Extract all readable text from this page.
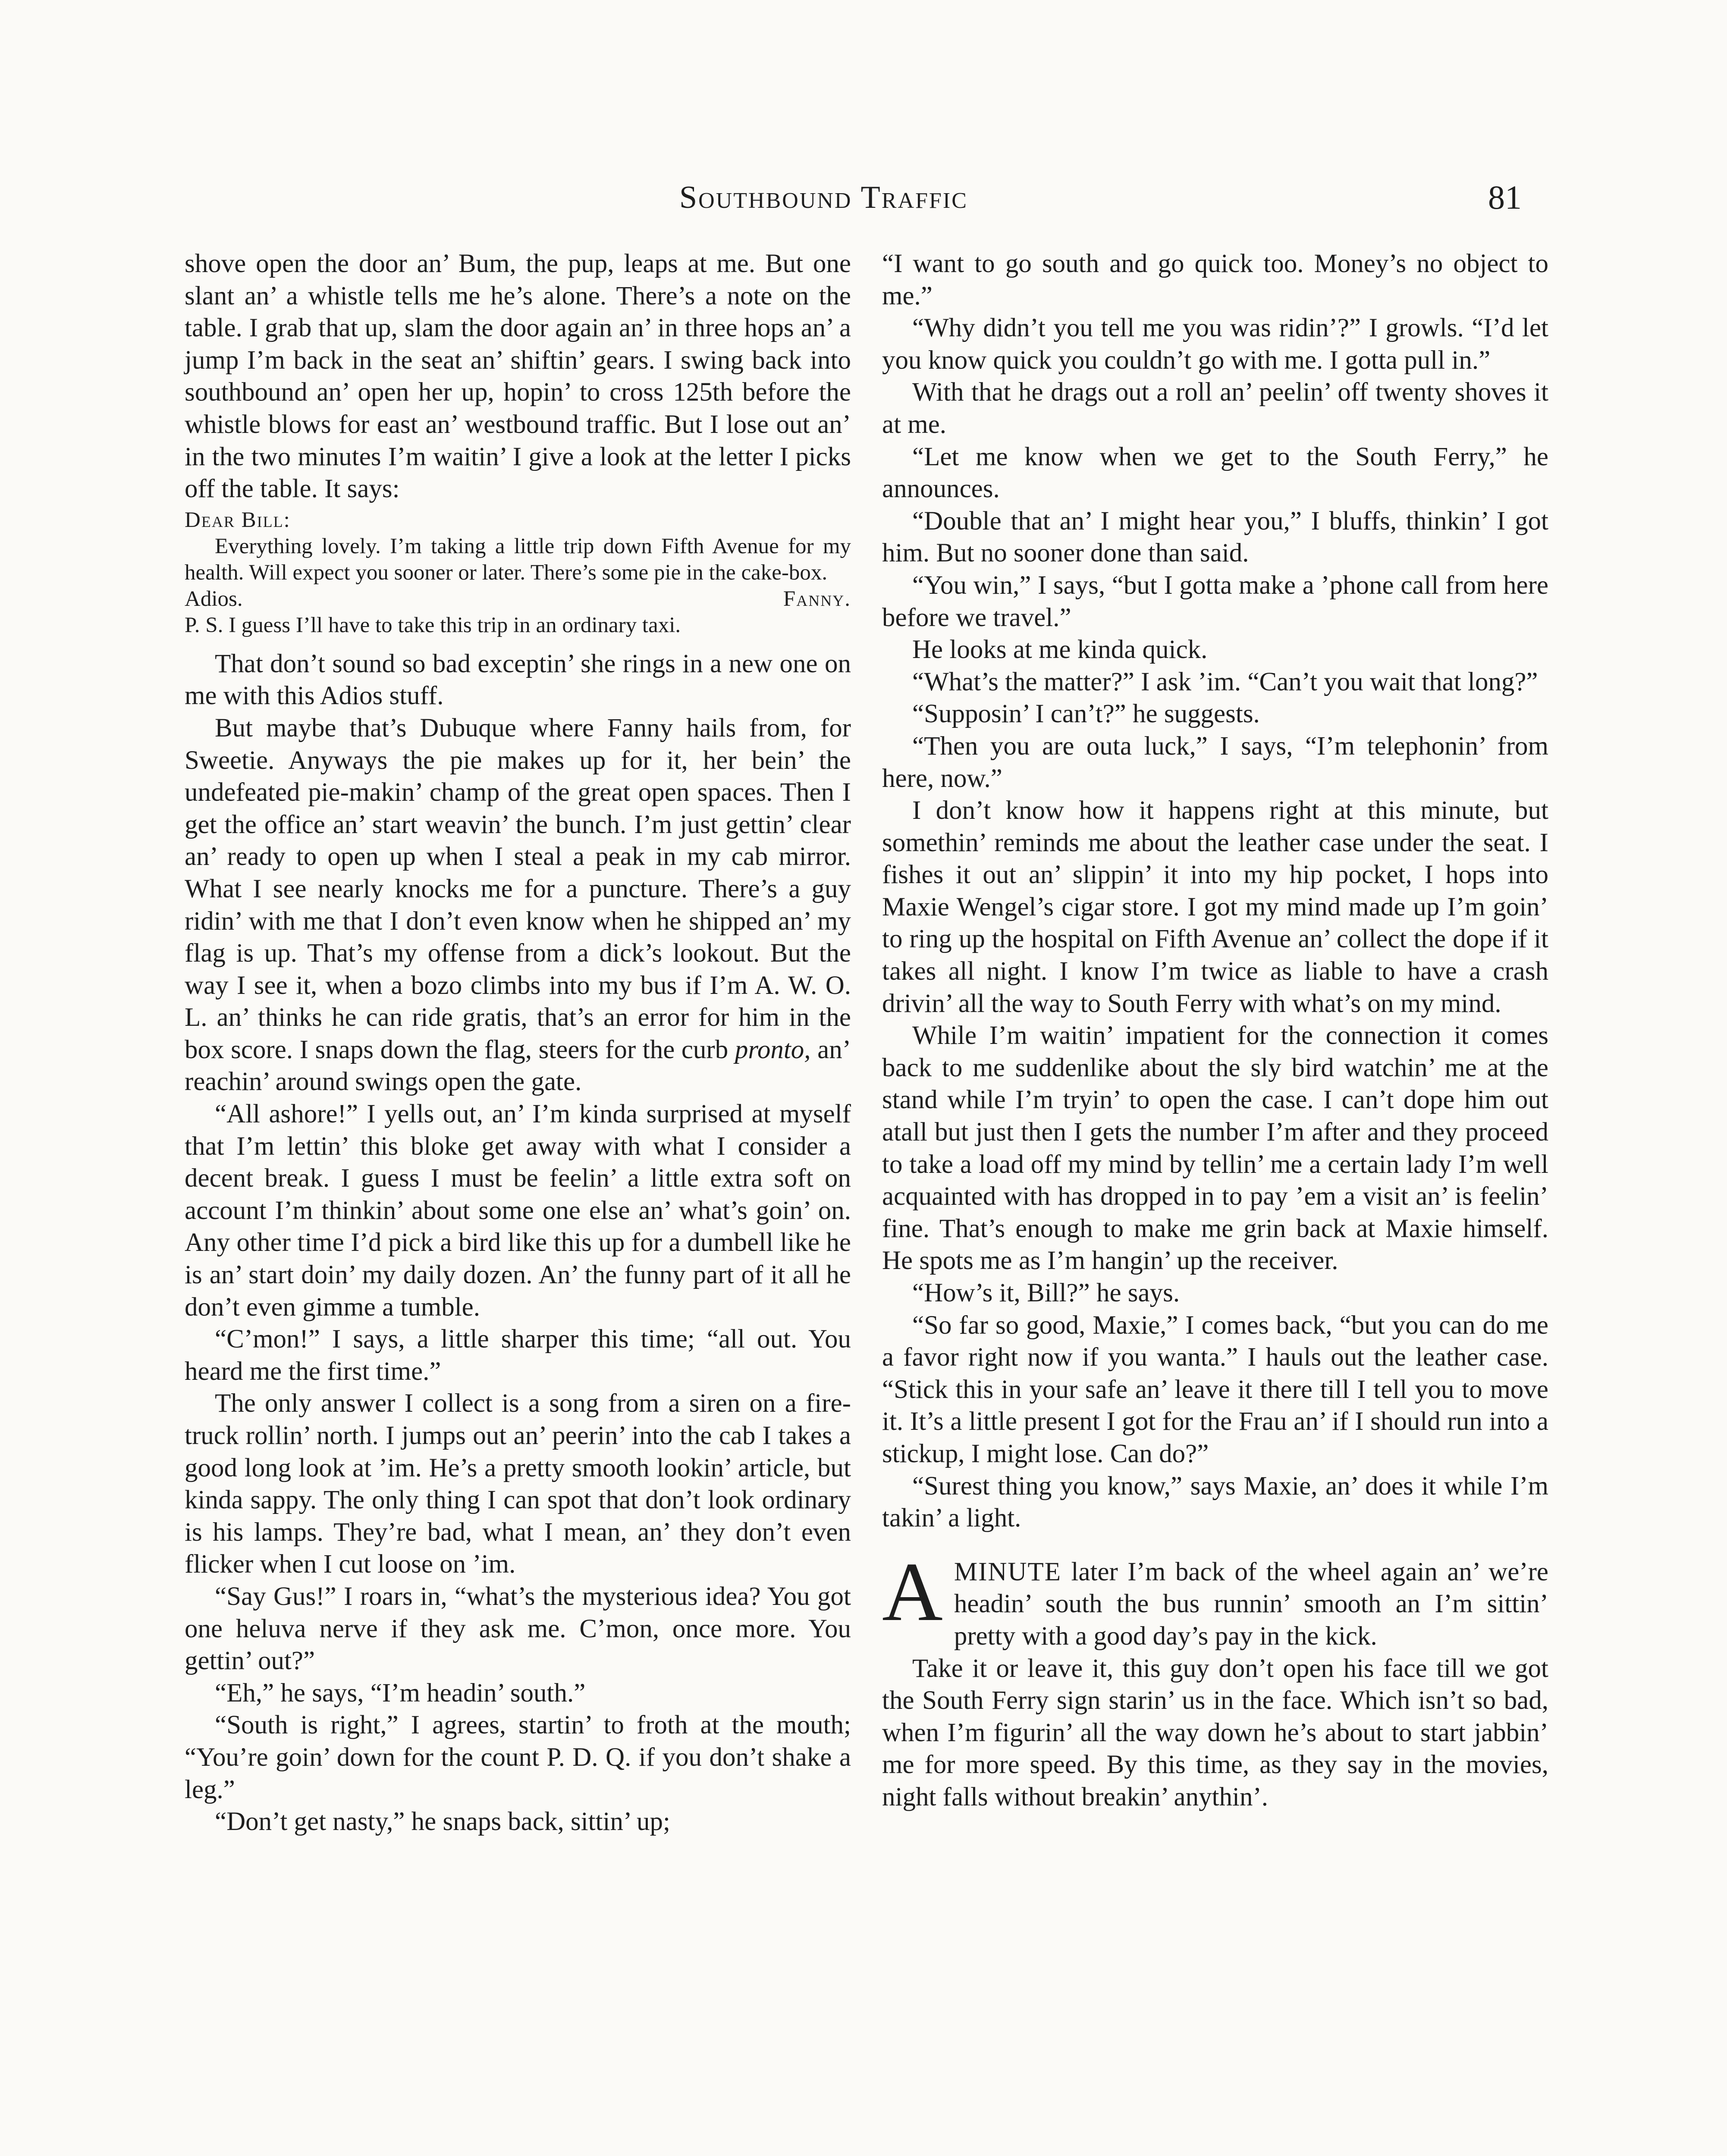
Southbound Traffic	81

shove open the door an’ Bum, the pup, leaps at me. But one slant an’ a whistle tells me he’s alone. There’s a note on the table. I grab that up, slam the door again an’ in three hops an’ a jump I’m back in the seat an’ shiftin’ gears. I swing back into southbound an’ open her up, hopin’ to cross 125th before the whistle blows for east an’ westbound traffic. But I lose out an’ in the two minutes I’m waitin’ I give a look at the letter I picks off the table. It says:

Dear Bill:

Everything lovely. I’m taking a little trip down Fifth Avenue for my health. Will expect you sooner or later. There’s some pie in the cake-box.

Adios.	Fanny.

P. S. I guess I’ll have to take this trip in an ordinary taxi.

That don’t sound so bad exceptin’ she rings in a new one on me with this Adios stuff.

But maybe that’s Dubuque where Fanny hails from, for Sweetie. Anyways the pie makes up for it, her bein’ the undefeated pie-makin’ champ of the great open spaces. Then I get the office an’ start weavin’ the bunch. I’m just gettin’ clear an’ ready to open up when I steal a peak in my cab mirror. What I see nearly knocks me for a puncture. There’s a guy ridin’ with me that I don’t even know when he shipped an’ my flag is up. That’s my offense from a dick’s lookout. But the way I see it, when a bozo climbs into my bus if I’m A. W. O. L. an’ thinks he can ride gratis, that’s an error for him in the box score. I snaps down the flag, steers for the curb pronto, an’ reachin’ around swings open the gate.

“All ashore!” I yells out, an’ I’m kinda surprised at myself that I’m lettin’ this bloke get away with what I consider a decent break. I guess I must be feelin’ a little extra soft on account I’m thinkin’ about some one else an’ what’s goin’ on. Any other time I’d pick a bird like this up for a dumbell like he is an’ start doin’ my daily dozen. An’ the funny part of it all he don’t even gimme a tumble.

“C’mon!” I says, a little sharper this time; “all out. You heard me the first time.”

The only answer I collect is a song from a siren on a fire-truck rollin’ north. I jumps out an’ peerin’ into the cab I takes a good long look at ’im. He’s a pretty smooth lookin’ article, but kinda sappy. The only thing I can spot that don’t look ordinary is his lamps. They’re bad, what I mean, an’ they don’t even flicker when I cut loose on ’im.

“Say Gus!” I roars in, “what’s the mysterious idea? You got one heluva nerve if they ask me. C’mon, once more. You gettin’ out?”

“Eh,” he says, “I’m headin’ south.”

“South is right,” I agrees, startin’ to froth at the mouth; “You’re goin’ down for the count P. D. Q. if you don’t shake a leg.”

“Don’t get nasty,” he snaps back, sittin’ up;

“I want to go south and go quick too. Money’s no object to me.”

“Why didn’t you tell me you was ridin’?” I growls. “I’d let you know quick you couldn’t go with me. I gotta pull in.”

With that he drags out a roll an’ peelin’ off twenty shoves it at me.

“Let me know when we get to the South Ferry,” he announces.

“Double that an’ I might hear you,” I bluffs, thinkin’ I got him. But no sooner done than said.

“You win,” I says, “but I gotta make a ’phone call from here before we travel.”

He looks at me kinda quick.

“What’s the matter?” I ask ’im. “Can’t you wait that long?”

“Supposin’ I can’t?” he suggests.

“Then you are outa luck,” I says, “I’m telephonin’ from here, now.”

I don’t know how it happens right at this minute, but somethin’ reminds me about the leather case under the seat. I fishes it out an’ slippin’ it into my hip pocket, I hops into Maxie Wengel’s cigar store. I got my mind made up I’m goin’ to ring up the hospital on Fifth Avenue an’ collect the dope if it takes all night. I know I’m twice as liable to have a crash drivin’ all the way to South Ferry with what’s on my mind.

While I’m waitin’ impatient for the connection it comes back to me suddenlike about the sly bird watchin’ me at the stand while I’m tryin’ to open the case. I can’t dope him out atall but just then I gets the number I’m after and they proceed to take a load off my mind by tellin’ me a certain lady I’m well acquainted with has dropped in to pay ’em a visit an’ is feelin’ fine. That’s enough to make me grin back at Maxie himself. He spots me as I’m hangin’ up the receiver.

“How’s it, Bill?” he says.

“So far so good, Maxie,” I comes back, “but you can do me a favor right now if you wanta.” I hauls out the leather case. “Stick this in your safe an’ leave it there till I tell you to move it. It’s a little present I got for the Frau an’ if I should run into a stickup, I might lose. Can do?”

“Surest thing you know,” says Maxie, an’ does it while I’m takin’ a light.

AMINUTE later I’m back of the wheel again an’ we’re headin’ south the bus runnin’ smooth an I’m sittin’ pretty with a good day’s pay in the kick.

Take it or leave it, this guy don’t open his face till we got the South Ferry sign starin’ us in the face. Which isn’t so bad, when I’m figurin’ all the way down he’s about to start jabbin’ me for more speed. By this time, as they say in the movies, night falls without breakin’ anythin’.
